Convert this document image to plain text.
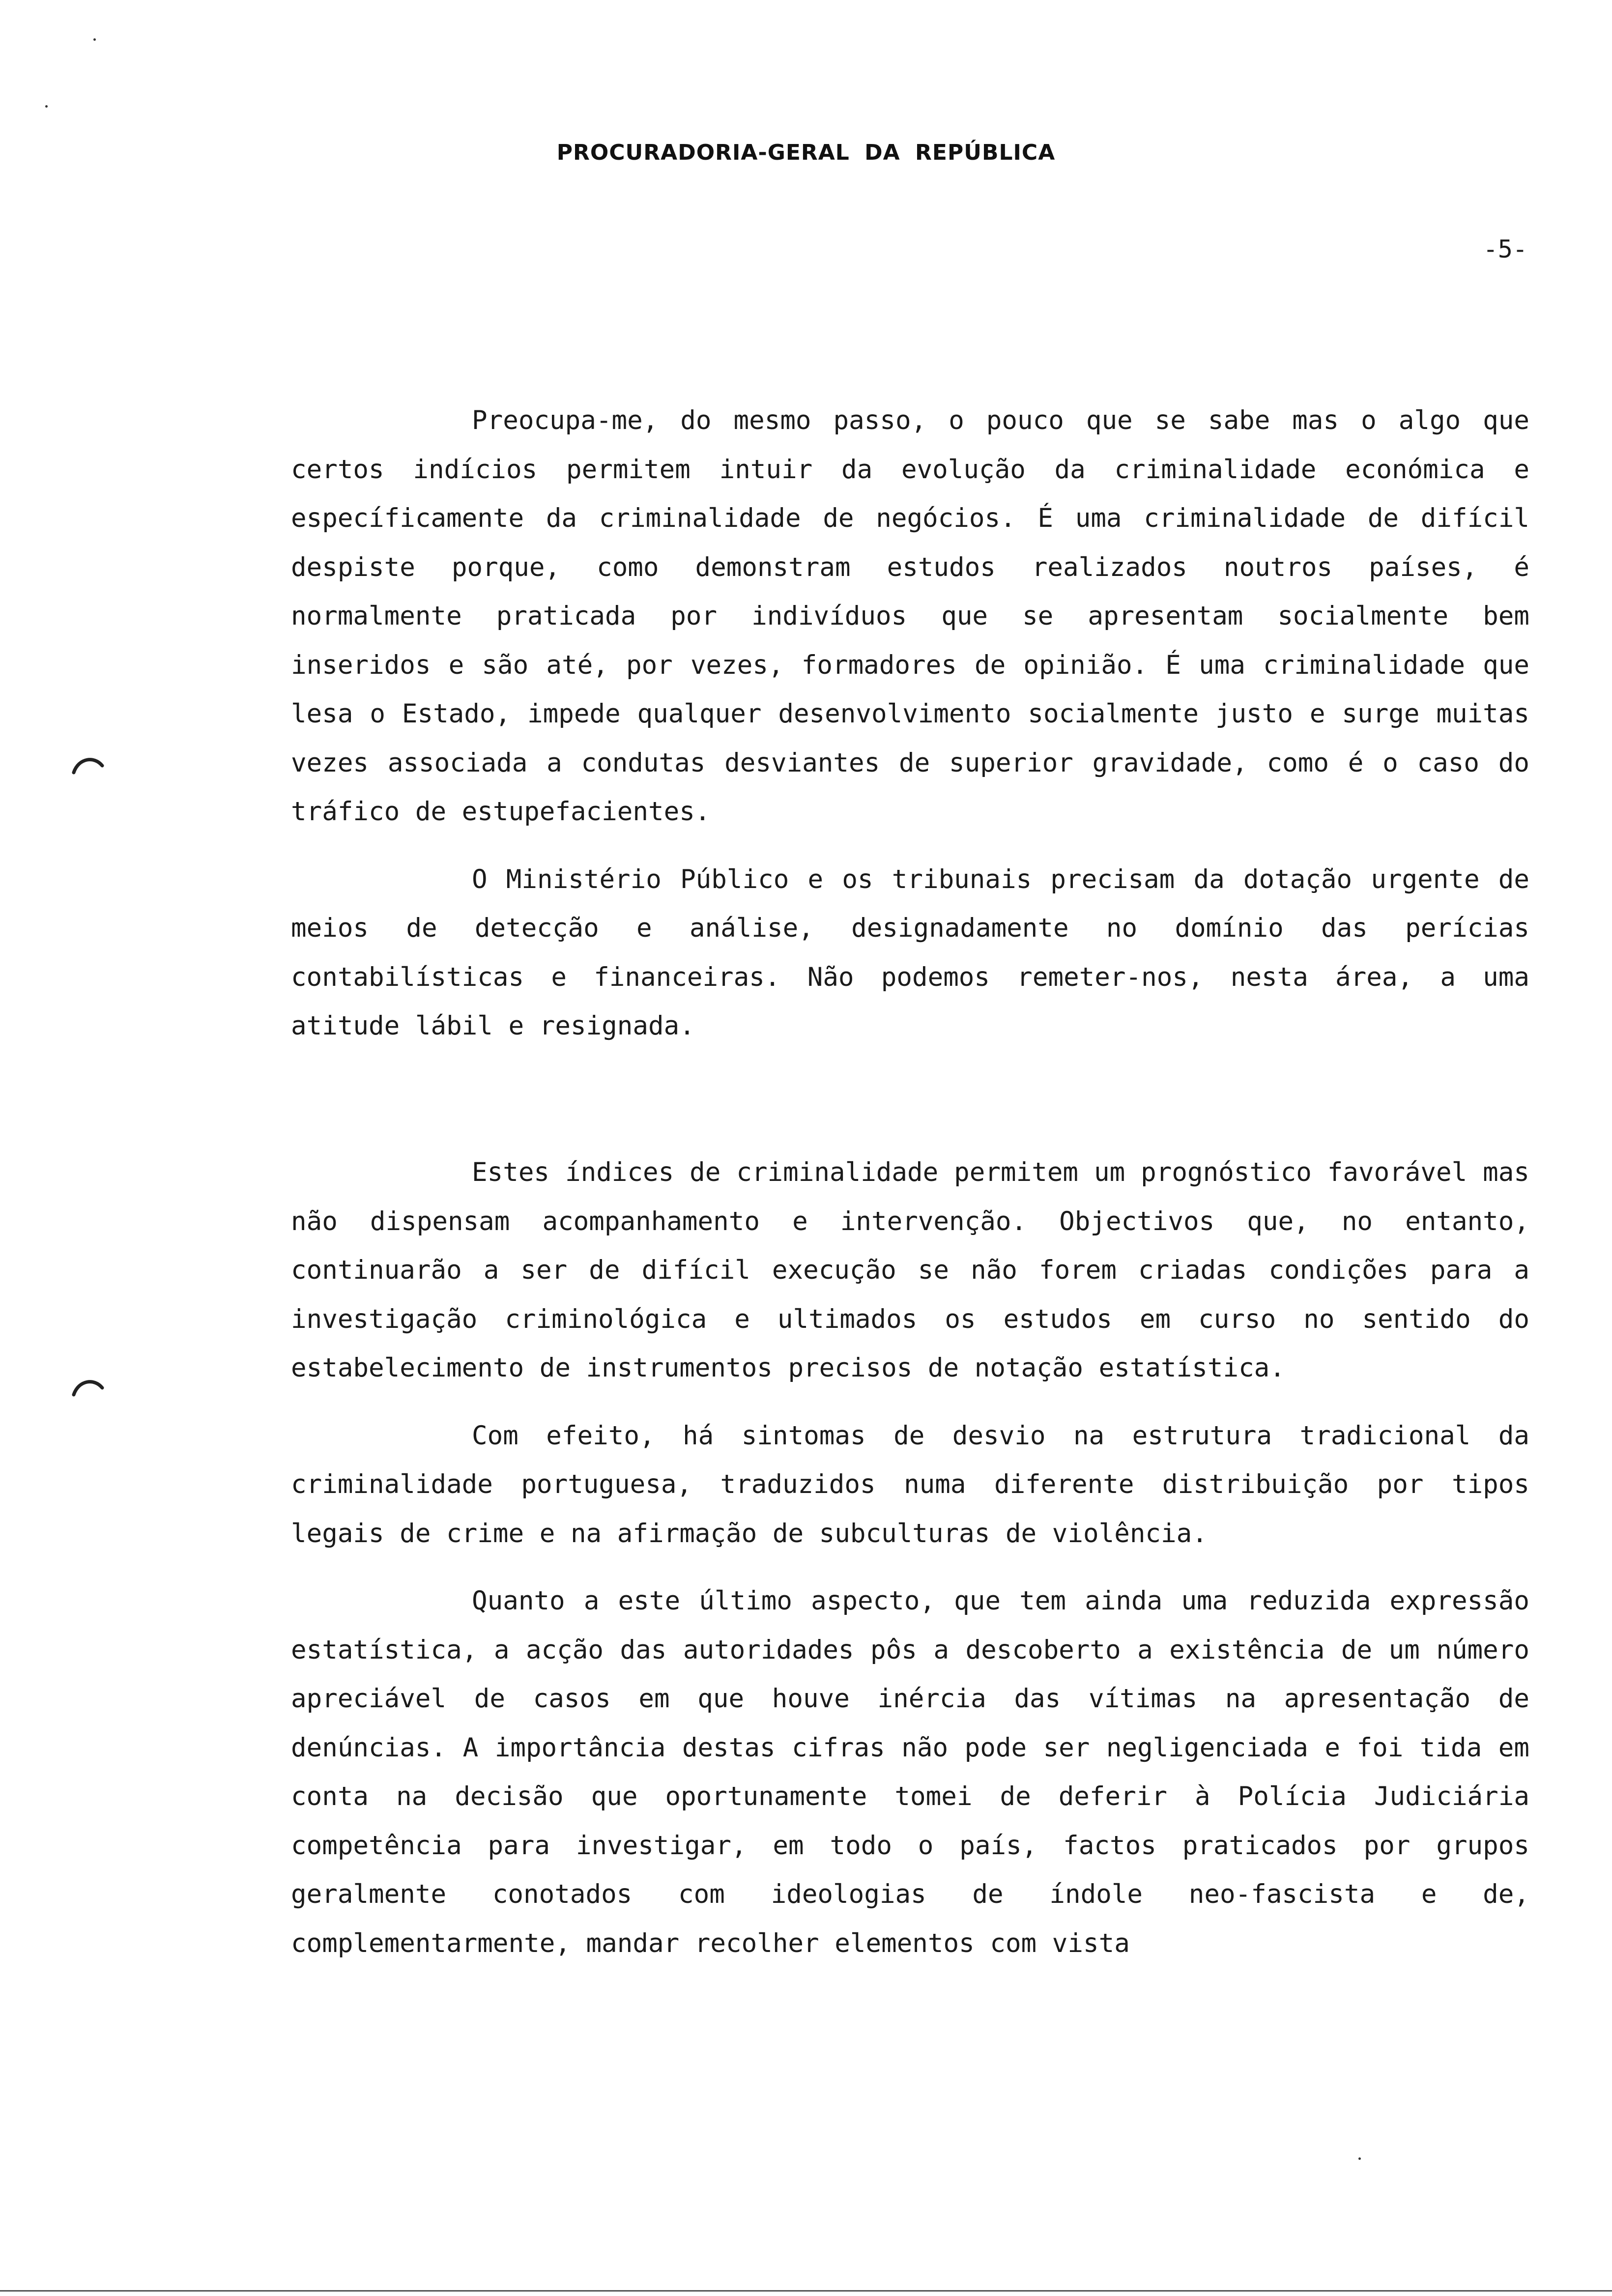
PROCURADORIA-GERAL DA REPÚBLICA
-5-

Preocupa-me, do mesmo passo, o pouco que se sabe mas o algo que certos indícios permitem intuir da evolução da criminalidade económica e específicamente da criminalidade de negócios. É uma criminalidade de difícil despiste porque, como demonstram estudos realizados noutros países, é normalmente praticada por indivíduos que se apresentam socialmente bem inseridos e são até, por vezes, formadores de opinião. É uma criminalidade que lesa o Estado, impede qualquer desenvolvimento socialmente justo e surge muitas vezes associada a condutas desviantes de superior gravidade, como é o caso do tráfico de estupefacientes.

O Ministério Público e os tribunais precisam da dotação urgente de meios de detecção e análise, designadamente no domínio das perícias contabilísticas e financeiras. Não podemos remeter-nos, nesta área, a uma atitude lábil e resignada.

Estes índices de criminalidade permitem um prognóstico favorável mas não dispensam acompanhamento e intervenção. Objectivos que, no entanto, continuarão a ser de difícil execução se não forem criadas condições para a investigação criminológica e ultimados os estudos em curso no sentido do estabelecimento de instrumentos precisos de notação estatística.

Com efeito, há sintomas de desvio na estrutura tradicional da criminalidade portuguesa, traduzidos numa diferente distribuição por tipos legais de crime e na afirmação de subculturas de violência.

Quanto a este último aspecto, que tem ainda uma reduzida expressão estatística, a acção das autoridades pôs a descoberto a existência de um número apreciável de casos em que houve inércia das vítimas na apresentação de denúncias. A importância destas cifras não pode ser negligenciada e foi tida em conta na decisão que oportunamente tomei de deferir à Polícia Judiciária competência para investigar, em todo o país, factos praticados por grupos geralmente conotados com ideologias de índole neo-fascista e de, complementarmente, mandar recolher elementos com vista
